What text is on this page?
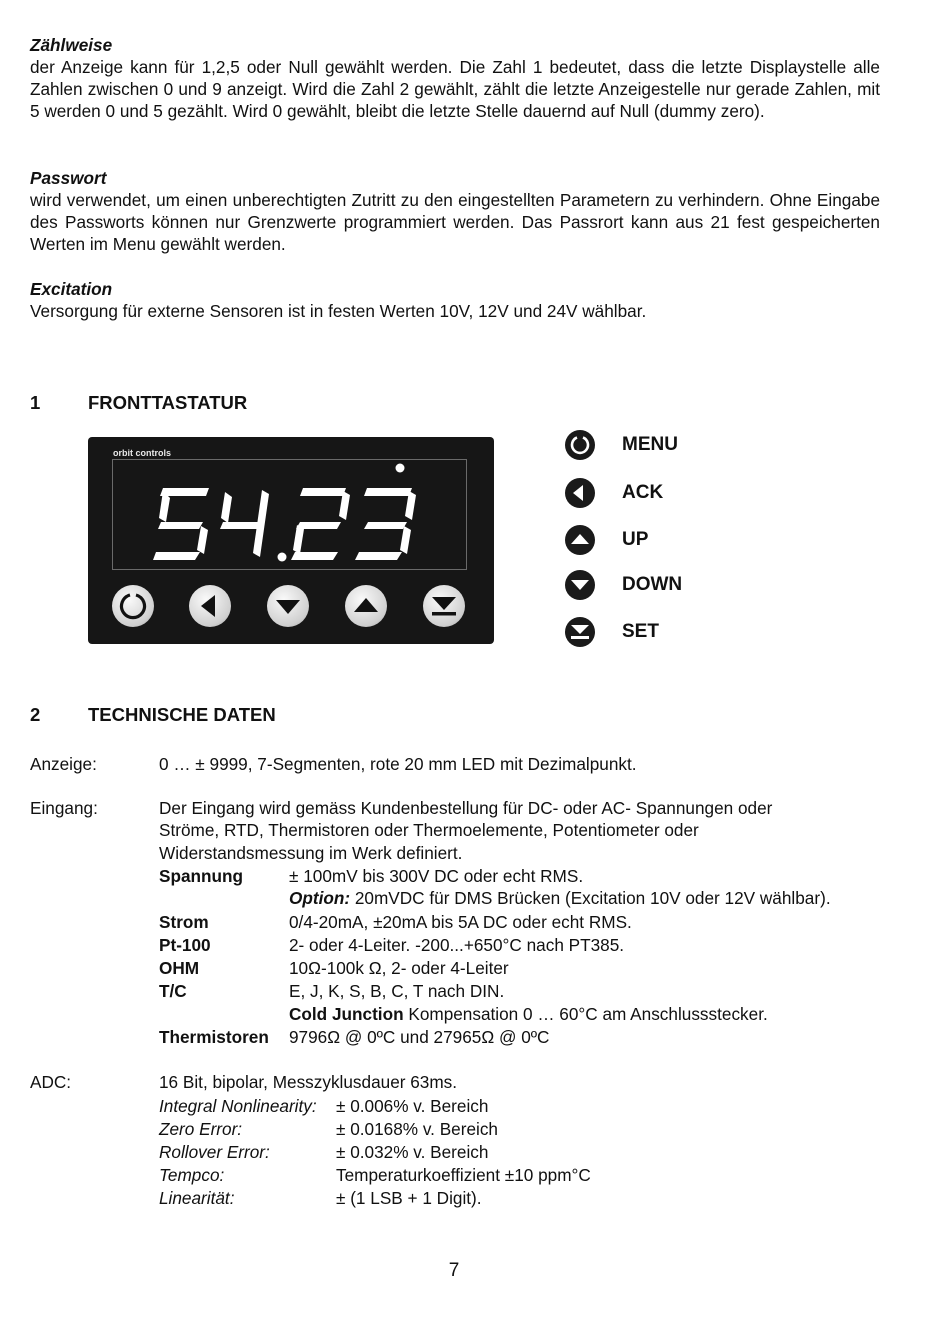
Zählweise
der Anzeige kann für 1,2,5 oder Null gewählt werden. Die Zahl 1 bedeutet, dass die letzte Displaystelle alle Zahlen zwischen 0 und 9 anzeigt. Wird die Zahl 2 gewählt, zählt die letzte Anzeigestelle nur gerade Zahlen, mit 5 werden 0 und 5 gezählt. Wird 0 gewählt, bleibt die letzte Stelle dauernd auf Null (dummy zero).
Passwort
wird verwendet, um einen unberechtigten Zutritt zu den eingestellten Parametern zu verhindern. Ohne Eingabe des Passworts können nur Grenzwerte programmiert werden. Das Passrort kann aus 21 fest gespeicherten Werten im Menu gewählt werden.
Excitation
Versorgung für externe Sensoren ist in festen Werten 10V, 12V und 24V wählbar.
1	FRONTTASTATUR
orbit controls	MENU
ACK
UP
DOWN
SET
2	TECHNISCHE DATEN
Anzeige:	0 … ± 9999, 7-Segmenten, rote 20 mm LED mit Dezimalpunkt.
Eingang:	Der Eingang wird gemäss Kundenbestellung für DC- oder AC- Spannungen oder
Ströme, RTD, Thermistoren oder Thermoelemente, Potentiometer oder
Widerstandsmessung im Werk definiert.
Spannung	± 100mV bis 300V DC oder echt RMS.
Option: 20mVDC für DMS Brücken (Excitation 10V oder 12V wählbar).
Strom	0/4-20mA, ±20mA bis 5A DC oder echt RMS.
Pt-100	2- oder 4-Leiter. -200...+650°C nach PT385.
OHM	10Ω-100k Ω, 2- oder 4-Leiter
T/C	E, J, K, S, B, C, T nach DIN.
Cold Junction Kompensation 0 … 60°C am Anschlussstecker.
Thermistoren 9796Ω @ 0ºC und 27965Ω @ 0ºC
ADC:	16 Bit, bipolar, Messzyklusdauer 63ms.
Integral Nonlinearity: ± 0.006% v. Bereich
Zero Error:	± 0.0168% v. Bereich
Rollover Error:	± 0.032% v. Bereich
Tempco:	Temperaturkoeffizient ±10 ppm°C
Linearität:	± (1 LSB + 1 Digit).
7
